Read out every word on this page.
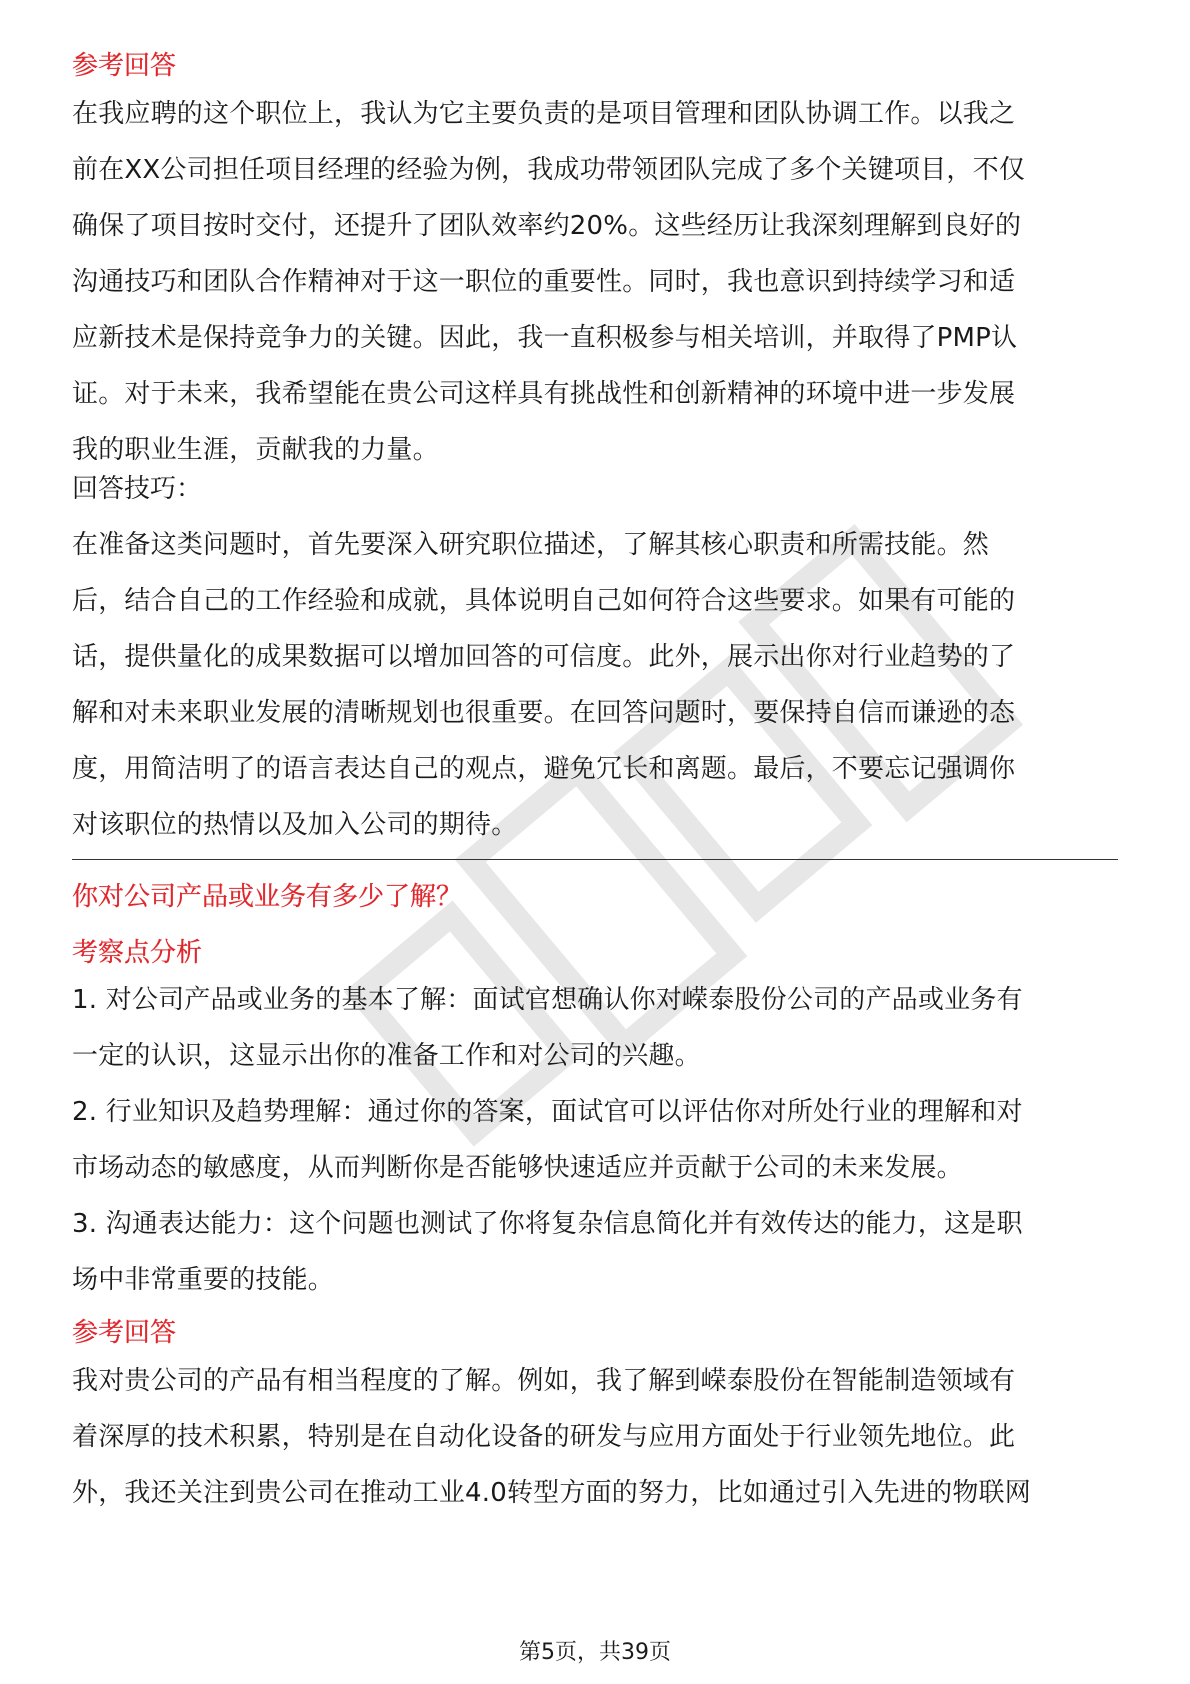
参考回答

在我应聘的这个职位上，我认为它主要负责的是项目管理和团队协调工作。以我之

前在XX公司担任项目经理的经验为例，我成功带领团队完成了多个关键项目，不仅

确保了项目按时交付，还提升了团队效率约20%。这些经历让我深刻理解到良好的

沟通技巧和团队合作精神对于这一职位的重要性。同时，我也意识到持续学习和适

应新技术是保持竞争力的关键。因此，我一直积极参与相关培训，并取得了PMP认

证。对于未来，我希望能在贵公司这样具有挑战性和创新精神的环境中进一步发展

我的职业生涯，贡献我的力量。

回答技巧：

在准备这类问题时，首先要深入研究职位描述，了解其核心职责和所需技能。然

后，结合自己的工作经验和成就，具体说明自己如何符合这些要求。如果有可能的

话，提供量化的成果数据可以增加回答的可信度。此外，展示出你对行业趋势的了

解和对未来职业发展的清晰规划也很重要。在回答问题时，要保持自信而谦逊的态

度，用简洁明了的语言表达自己的观点，避免冗长和离题。最后，不要忘记强调你

对该职位的热情以及加入公司的期待。

你对公司产品或业务有多少了解？
考察点分析

1. 对公司产品或业务的基本了解：面试官想确认你对嵘泰股份公司的产品或业务有

一定的认识，这显示出你的准备工作和对公司的兴趣。

2. 行业知识及趋势理解：通过你的答案，面试官可以评估你对所处行业的理解和对

市场动态的敏感度，从而判断你是否能够快速适应并贡献于公司的未来发展。

3. 沟通表达能力：这个问题也测试了你将复杂信息简化并有效传达的能力，这是职

场中非常重要的技能。

参考回答

我对贵公司的产品有相当程度的了解。例如，我了解到嵘泰股份在智能制造领域有

着深厚的技术积累，特别是在自动化设备的研发与应用方面处于行业领先地位。此

外，我还关注到贵公司在推动工业4.0转型方面的努力，比如通过引入先进的物联网

第5页，共39页
